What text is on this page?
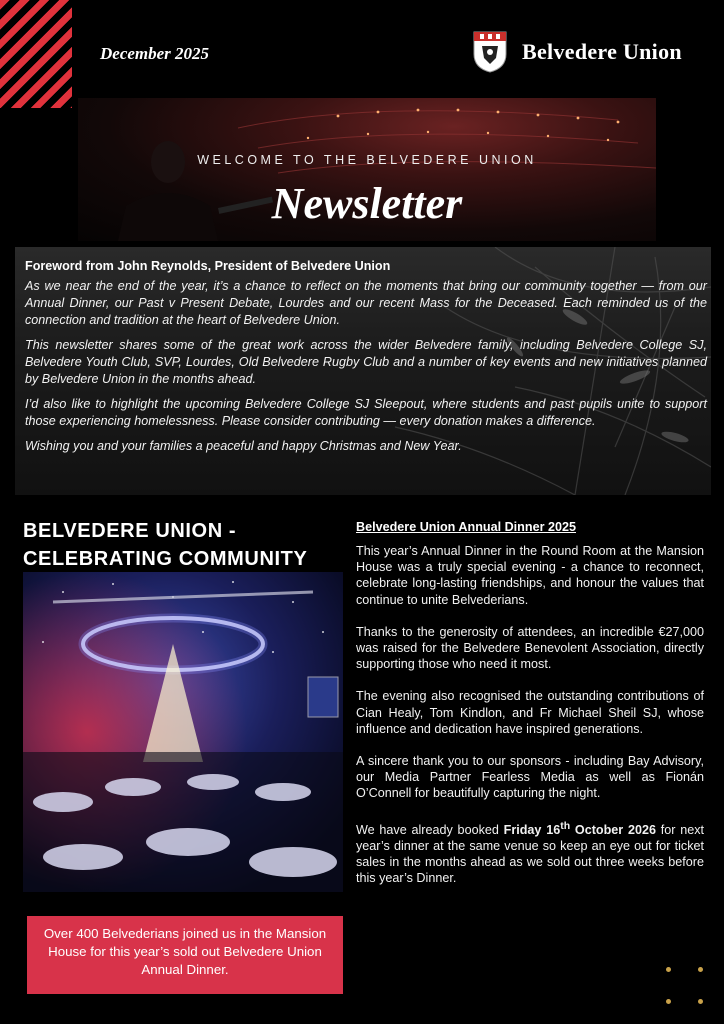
December 2025	Belvedere Union
WELCOME TO THE BELVEDERE UNION
Newsletter

Foreword from John Reynolds, President of Belvedere Union

As we near the end of the year, it’s a chance to reflect on the moments that bring our community together — from our Annual Dinner, our Past v Present Debate, Lourdes and our recent Mass for the Deceased. Each reminded us of the connection and tradition at the heart of Belvedere Union.

This newsletter shares some of the great work across the wider Belvedere family, including Belvedere College SJ, Belvedere Youth Club, SVP, Lourdes, Old Belvedere Rugby Club and a number of key events and new initiatives planned by Belvedere Union in the months ahead.

I’d also like to highlight the upcoming Belvedere College SJ Sleepout, where students and past pupils unite to support those experiencing homelessness. Please consider contributing — every donation makes a difference.

Wishing you and your families a peaceful and happy Christmas and New Year.

BELVEDERE UNION -
CELEBRATING COMMUNITY
Over 400 Belvederians joined us in the Mansion House for this year’s sold out Belvedere Union Annual Dinner.
Belvedere Union Annual Dinner 2025

This year’s Annual Dinner in the Round Room at the Mansion House was a truly special evening - a chance to reconnect, celebrate long-lasting friendships, and honour the values that continue to unite Belvederians.

Thanks to the generosity of attendees, an incredible €27,000 was raised for the Belvedere Benevolent Association, directly supporting those who need it most.

The evening also recognised the outstanding contributions of Cian Healy, Tom Kindlon, and Fr Michael Sheil SJ, whose influence and dedication have inspired generations.

A sincere thank you to our sponsors - including Bay Advisory, our Media Partner Fearless Media as well as Fionán O’Connell for beautifully capturing the night.

We have already booked Friday 16th October 2026 for next year’s dinner at the same venue so keep an eye out for ticket sales in the months ahead as we sold out three weeks before this year’s Dinner.
